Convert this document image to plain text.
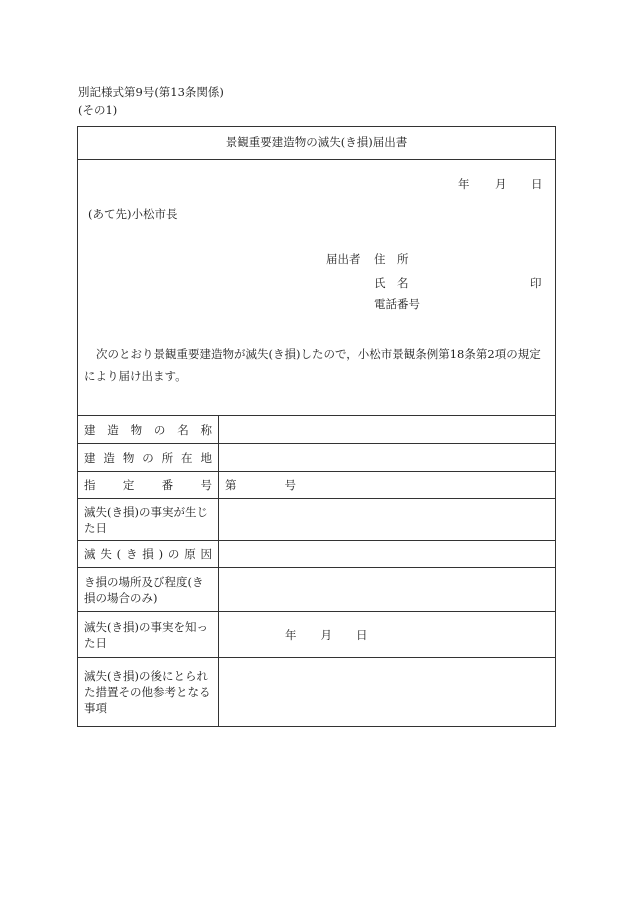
別記様式第9号(第13条関係)
(その1)
景観重要建造物の滅失(き損)届出書
年 月 日
(あて先)小松市長
届出者 住　所
氏　名	印
電話番号
次のとおり景観重要建造物が滅失(き損)したので，小松市景観条例第18条第2項の規定により届け出ます。
建 造 物 の 名 称
建 造 物 の 所 在 地
指 定 番 号 第	号
滅失(き損)の事実が生じた日
滅 失 ( き 損 ) の 原 因
き損の場所及び程度(き損の場合のみ)
滅失(き損)の事実を知った日
年 月 日
滅失(き損)の後にとられた措置その他参考となる事項
